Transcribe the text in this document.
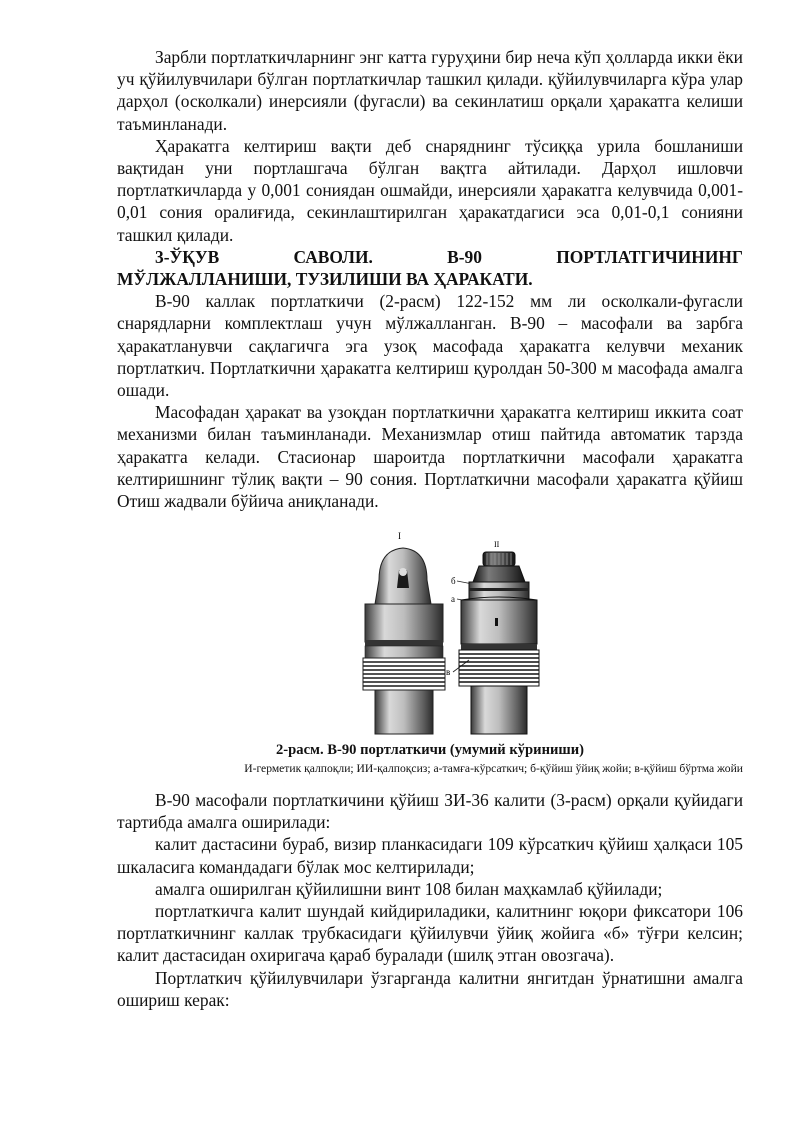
Зарбли портлаткичларнинг энг катта гуруҳини бир неча кўп ҳолларда икки ёки уч қўйилувчилари бўлган портлаткичлар ташкил қилади. қўйилувчиларга кўра улар дарҳол (осколкали) инерсияли (фугасли) ва секинлатиш орқали ҳаракатга келиши таъминланади.

Ҳаракатга келтириш вақти деб снаряднинг тўсиққа урила бошланиши вақтидан уни портлашгача бўлган вақтга айтилади. Дарҳол ишловчи портлаткичларда у 0,001 сониядан ошмайди, инерсияли ҳаракатга келувчида 0,001-0,01 сония оралиғида, секинлаштирилган ҳаракатдагиси эса 0,01-0,1 сонияни ташкил қилади.

3-ЎҚУВ	САВОЛИ.	В-90	ПОРТЛАТГИЧИНИНГ
МЎЛЖАЛЛАНИШИ, ТУЗИЛИШИ ВА ҲАРАКАТИ.

В-90 каллак портлаткичи (2-расм) 122-152 мм ли осколкали-фугасли снарядларни комплектлаш учун мўлжалланган. В-90 – масофали ва зарбга ҳаракатланувчи сақлагичга эга узоқ масофада ҳаракатга келувчи механик портлаткич. Портлаткични ҳаракатга келтириш қуролдан 50-300 м масофада амалга ошади.

Масофадан ҳаракат ва узоқдан портлаткични ҳаракатга келтириш иккита соат механизми билан таъминланади. Механизмлар отиш пайтида автоматик тарзда ҳаракатга келади. Стасионар шароитда портлаткични масофали ҳаракатга келтиришнинг тўлиқ вақти – 90 сония. Портлаткични масофали ҳаракатга қўйиш Отиш жадвали бўйича аниқланади.

I
II
б
а
в
2-расм. В-90 портлаткичи (умумий кўриниши)
И-герметик қалпоқли; ИИ-қалпоқсиз; а-тамға-кўрсаткич; б-қўйиш ўйиқ жойи; в-қўйиш бўртма жойи

В-90 масофали портлаткичини қўйиш ЗИ-36 калити (3-расм) орқали қуйидаги тартибда амалга оширилади:

калит дастасини бураб, визир планкасидаги 109 кўрсаткич қўйиш ҳалқаси 105 шкаласига командадаги бўлак мос келтирилади;

амалга оширилган қўйилишни винт 108 билан маҳкамлаб қўйилади;

портлаткичга калит шундай кийдириладики, калитнинг юқори фиксатори 106 портлаткичнинг каллак трубкасидаги қўйилувчи ўйиқ жойига «б» тўғри келсин; калит дастасидан охиригача қараб буралади (шилқ этган овозгача).

Портлаткич қўйилувчилари ўзгарганда калитни янгитдан ўрнатишни амалга ошириш керак:
